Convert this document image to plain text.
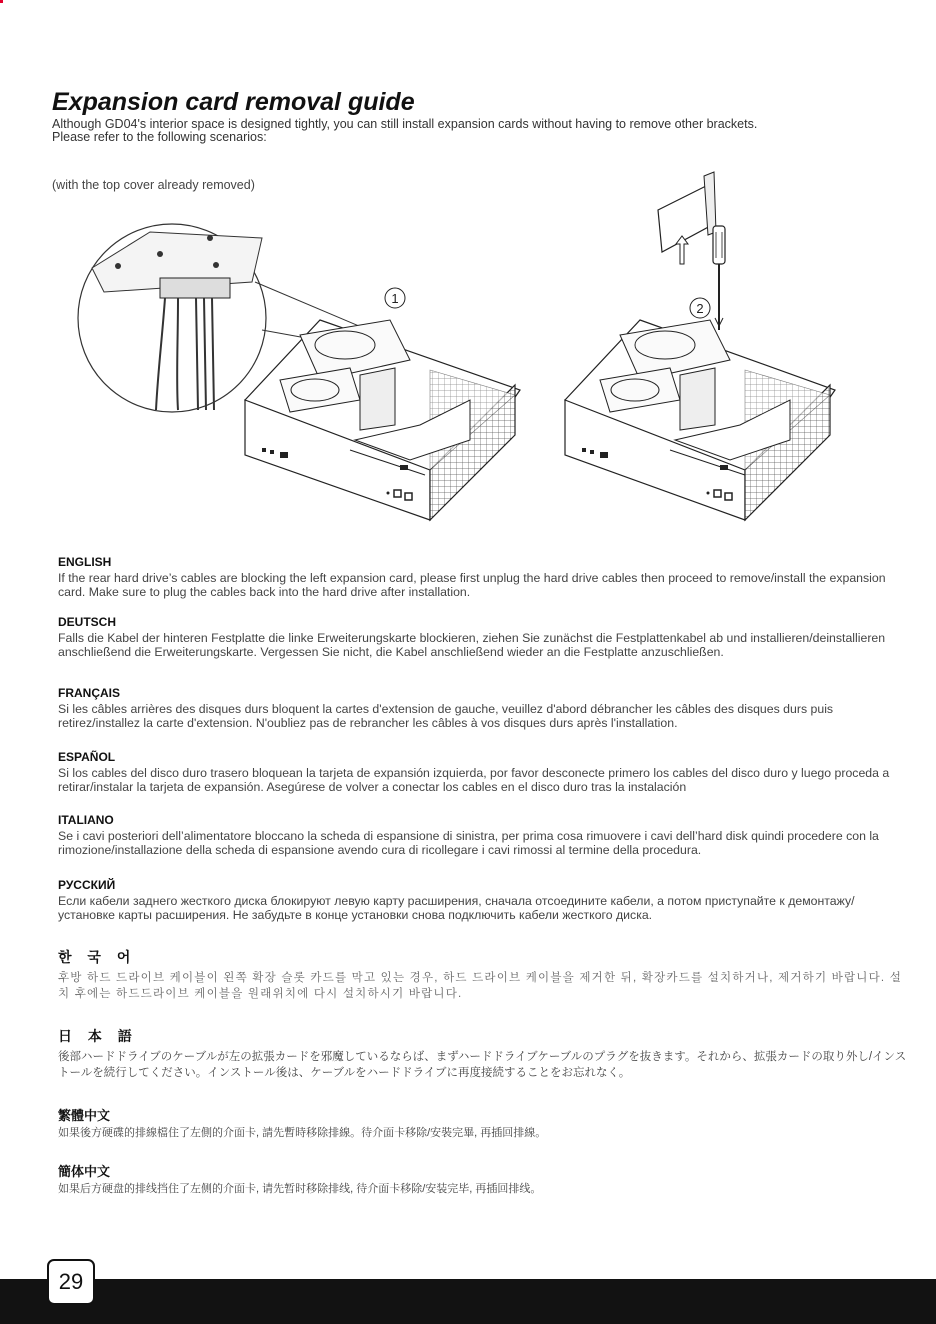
Expansion card removal guide
Although GD04's interior space is designed tightly, you can still install expansion cards without having to remove other brackets.
Please refer to the following scenarios:
(with the top cover already removed)
1
2
ENGLISH

If the rear hard drive’s cables are blocking the left expansion card, please first unplug the hard drive cables then proceed to remove/install the expansion card. Make sure to plug the cables back into the hard drive after installation.

DEUTSCH

Falls die Kabel der hinteren Festplatte die linke Erweiterungskarte blockieren, ziehen Sie zunächst die Festplattenkabel ab und installieren/deinstallieren anschließend die Erweiterungskarte. Vergessen Sie nicht, die Kabel anschließend wieder an die Festplatte anzuschließen.

FRANÇAIS

Si les câbles arrières des disques durs bloquent la cartes d'extension de gauche, veuillez d'abord débrancher les câbles des disques durs puis retirez/installez la carte d'extension. N'oubliez pas de rebrancher les câbles à vos disques durs après l'installation.

ESPAÑOL

Si los cables del disco duro trasero bloquean la tarjeta de expansión izquierda, por favor desconecte primero los cables del disco duro y luego proceda a retirar/instalar la tarjeta de expansión. Asegúrese de volver a conectar los cables en el disco duro tras la instalación

ITALIANO

Se i cavi posteriori dell’alimentatore bloccano la scheda di espansione di sinistra, per prima cosa rimuovere i cavi dell’hard disk quindi procedere con la rimozione/installazione della scheda di espansione avendo cura di ricollegare i cavi rimossi al termine della procedura.

РУССКИЙ

Если кабели заднего жесткого диска блокируют левую карту расширения, сначала отсоедините кабели, а потом приступайте к демонтажу/установке карты расширения. Не забудьте в конце установки снова подключить кабели жесткого диска.

한 국 어

후방 하드 드라이브 케이블이 왼쪽 확장 슬롯 카드를 막고 있는 경우, 하드 드라이브 케이블을 제거한 뒤, 확장카드를 설치하거나, 제거하기 바랍니다. 설치 후에는 하드드라이브 케이블을 원래위치에 다시 설치하시기 바랍니다.

日 本 語

後部ハードドライブのケーブルが左の拡張カードを邪魔しているならば、まずハードドライブケーブルのプラグを抜きます。それから、拡張カードの取り外し/インストールを続行してください。インストール後は、ケーブルをハードドライブに再度接続することをお忘れなく。

繁體中文

如果後方硬碟的排線檔住了左側的介面卡, 請先暫時移除排線。待介面卡移除/安裝完畢, 再插回排線。

簡体中文

如果后方硬盘的排线挡住了左侧的介面卡, 请先暂时移除排线, 待介面卡移除/安装完毕, 再插回排线。

29
